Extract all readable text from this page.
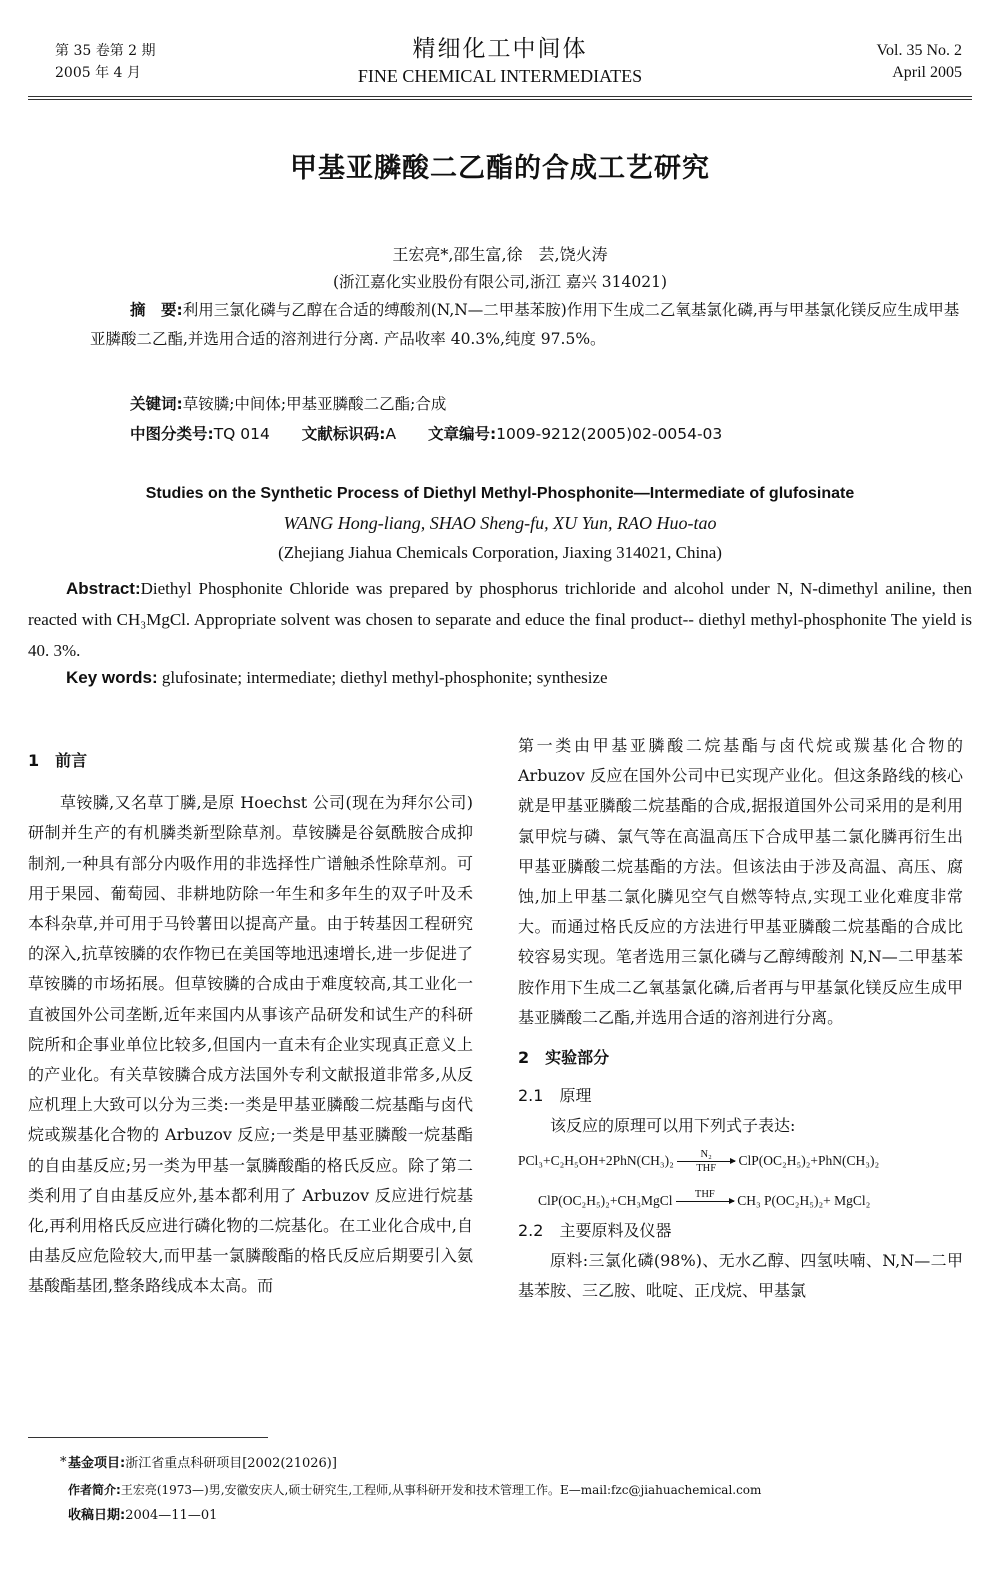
第 35 卷第 2 期
2005 年 4 月
精细化工中间体
FINE CHEMICAL INTERMEDIATES
Vol. 35 No. 2
April 2005
甲基亚膦酸二乙酯的合成工艺研究
王宏亮*,邵生富,徐　芸,饶火涛
(浙江嘉化实业股份有限公司,浙江 嘉兴 314021)
摘　要:利用三氯化磷与乙醇在合适的缚酸剂(N,N—二甲基苯胺)作用下生成二乙氧基氯化磷,再与甲基氯化镁反应生成甲基亚膦酸二乙酯,并选用合适的溶剂进行分离. 产品收率 40.3%,纯度 97.5%。
关键词:草铵膦;中间体;甲基亚膦酸二乙酯;合成
中图分类号:TQ 014 文献标识码:A 文章编号:1009-9212(2005)02-0054-03
Studies on the Synthetic Process of Diethyl Methyl-Phosphonite—Intermediate of glufosinate
WANG Hong-liang, SHAO Sheng-fu, XU Yun, RAO Huo-tao
(Zhejiang Jiahua Chemicals Corporation, Jiaxing 314021, China)
Abstract:Diethyl Phosphonite Chloride was prepared by phosphorus trichloride and alcohol under N, N-dimethyl aniline, then reacted with CH₃MgCl. Appropriate solvent was chosen to separate and educe the final product-- diethyl methyl-phosphonite The yield is 40. 3%.
Key words: glufosinate; intermediate; diethyl methyl-phosphonite; synthesize
1　前言

草铵膦,又名草丁膦,是原 Hoechst 公司(现在为拜尔公司)研制并生产的有机膦类新型除草剂。草铵膦是谷氨酰胺合成抑制剂,一种具有部分内吸作用的非选择性广谱触杀性除草剂。可用于果园、葡萄园、非耕地防除一年生和多年生的双子叶及禾本科杂草,并可用于马铃薯田以提高产量。由于转基因工程研究的深入,抗草铵膦的农作物已在美国等地迅速增长,进一步促进了草铵膦的市场拓展。但草铵膦的合成由于难度较高,其工业化一直被国外公司垄断,近年来国内从事该产品研发和试生产的科研院所和企事业单位比较多,但国内一直未有企业实现真正意义上的产业化。有关草铵膦合成方法国外专利文献报道非常多,从反应机理上大致可以分为三类:一类是甲基亚膦酸二烷基酯与卤代烷或羰基化合物的 Arbuzov 反应;一类是甲基亚膦酸一烷基酯的自由基反应;另一类为甲基一氯膦酸酯的格氏反应。除了第二类利用了自由基反应外,基本都利用了 Arbuzov 反应进行烷基化,再利用格氏反应进行磷化物的二烷基化。在工业化合成中,自由基反应危险较大,而甲基一氯膦酸酯的格氏反应后期要引入氨基酸酯基团,整条路线成本太高。而

第一类由甲基亚膦酸二烷基酯与卤代烷或羰基化合物的 Arbuzov 反应在国外公司中已实现产业化。但这条路线的核心就是甲基亚膦酸二烷基酯的合成,据报道国外公司采用的是利用氯甲烷与磷、氯气等在高温高压下合成甲基二氯化膦再衍生出甲基亚膦酸二烷基酯的方法。但该法由于涉及高温、高压、腐蚀,加上甲基二氯化膦见空气自燃等特点,实现工业化难度非常大。而通过格氏反应的方法进行甲基亚膦酸二烷基酯的合成比较容易实现。笔者选用三氯化磷与乙醇缚酸剂 N,N—二甲基苯胺作用下生成二乙氧基氯化磷,后者再与甲基氯化镁反应生成甲基亚膦酸二乙酯,并选用合适的溶剂进行分离。

2　实验部分
2.1　原理

该反应的原理可以用下列式子表达:

PCl₃+C₂H₅OH+2PhN(CH₃)₂	N₂
THF
ClP(OC₂H₅)₂+PhN(CH₃)₂
ClP(OC₂H₅)₂+CH₃MgCl	THF
	CH₃ P(OC₂H₅)₂+ MgCl₂
2.2　主要原料及仪器

原料:三氯化磷(98%)、无水乙醇、四氢呋喃、N,N—二甲基苯胺、三乙胺、吡啶、正戊烷、甲基氯

* 基金项目:浙江省重点科研项目[2002(21026)]
作者简介:王宏亮(1973—)男,安徽安庆人,硕士研究生,工程师,从事科研开发和技术管理工作。E—mail:fzc@jiahuachemical.com
收稿日期:2004—11—01
